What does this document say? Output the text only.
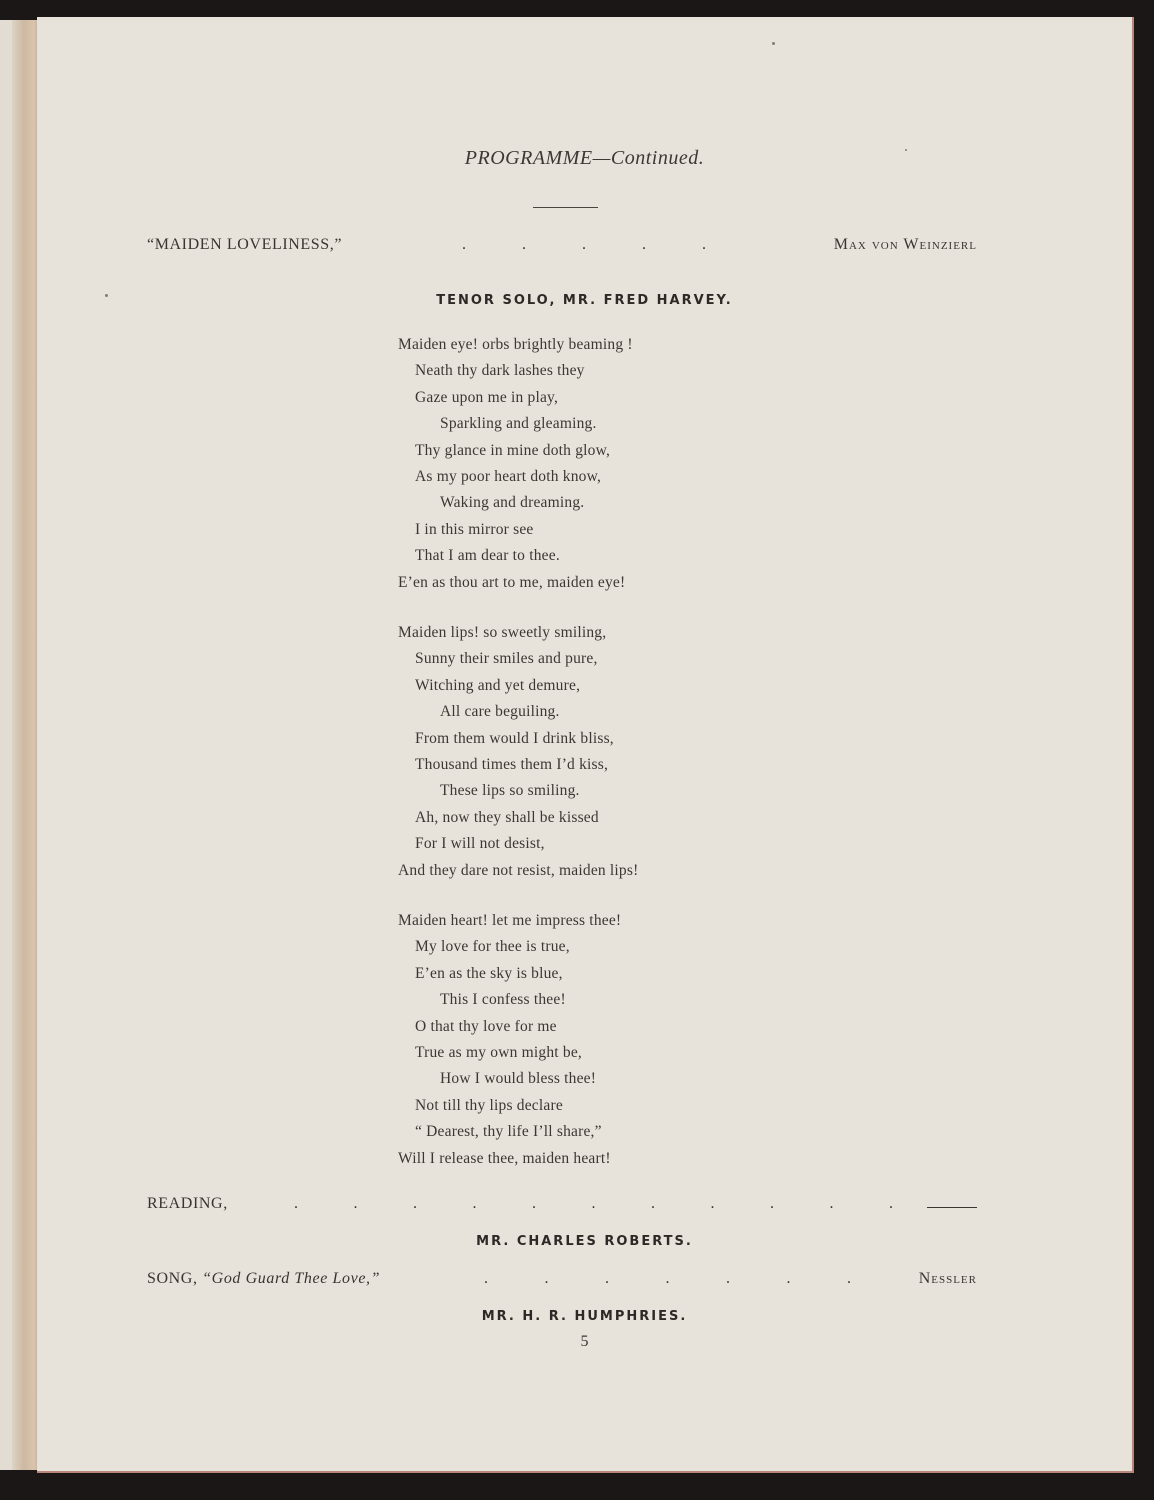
PROGRAMME—Continued.
“MAIDEN LOVELINESS,”	.	.	.	.	.	Max von Weinzierl
TENOR SOLO, MR. FRED HARVEY.
Maiden eye! orbs brightly beaming !
Neath thy dark lashes they
Gaze upon me in play,
Sparkling and gleaming.
Thy glance in mine doth glow,
As my poor heart doth know,
Waking and dreaming.
I in this mirror see
That I am dear to thee.
E’en as thou art to me, maiden eye!
Maiden lips! so sweetly smiling,
Sunny their smiles and pure,
Witching and yet demure,
All care beguiling.
From them would I drink bliss,
Thousand times them I’d kiss,
These lips so smiling.
Ah, now they shall be kissed
For I will not desist,
And they dare not resist, maiden lips!
Maiden heart! let me impress thee!
My love for thee is true,
E’en as the sky is blue,
This I confess thee!
O that thy love for me
True as my own might be,
How I would bless thee!
Not till thy lips declare
“ Dearest, thy life I’ll share,”
Will I release thee, maiden heart!
READING,	.	.	.	.	.	.	.	.	.	.	.
MR. CHARLES ROBERTS.
SONG, “God Guard Thee Love,”	.	.	.	.	.	.	.	Nessler
MR. H. R. HUMPHRIES.
5
